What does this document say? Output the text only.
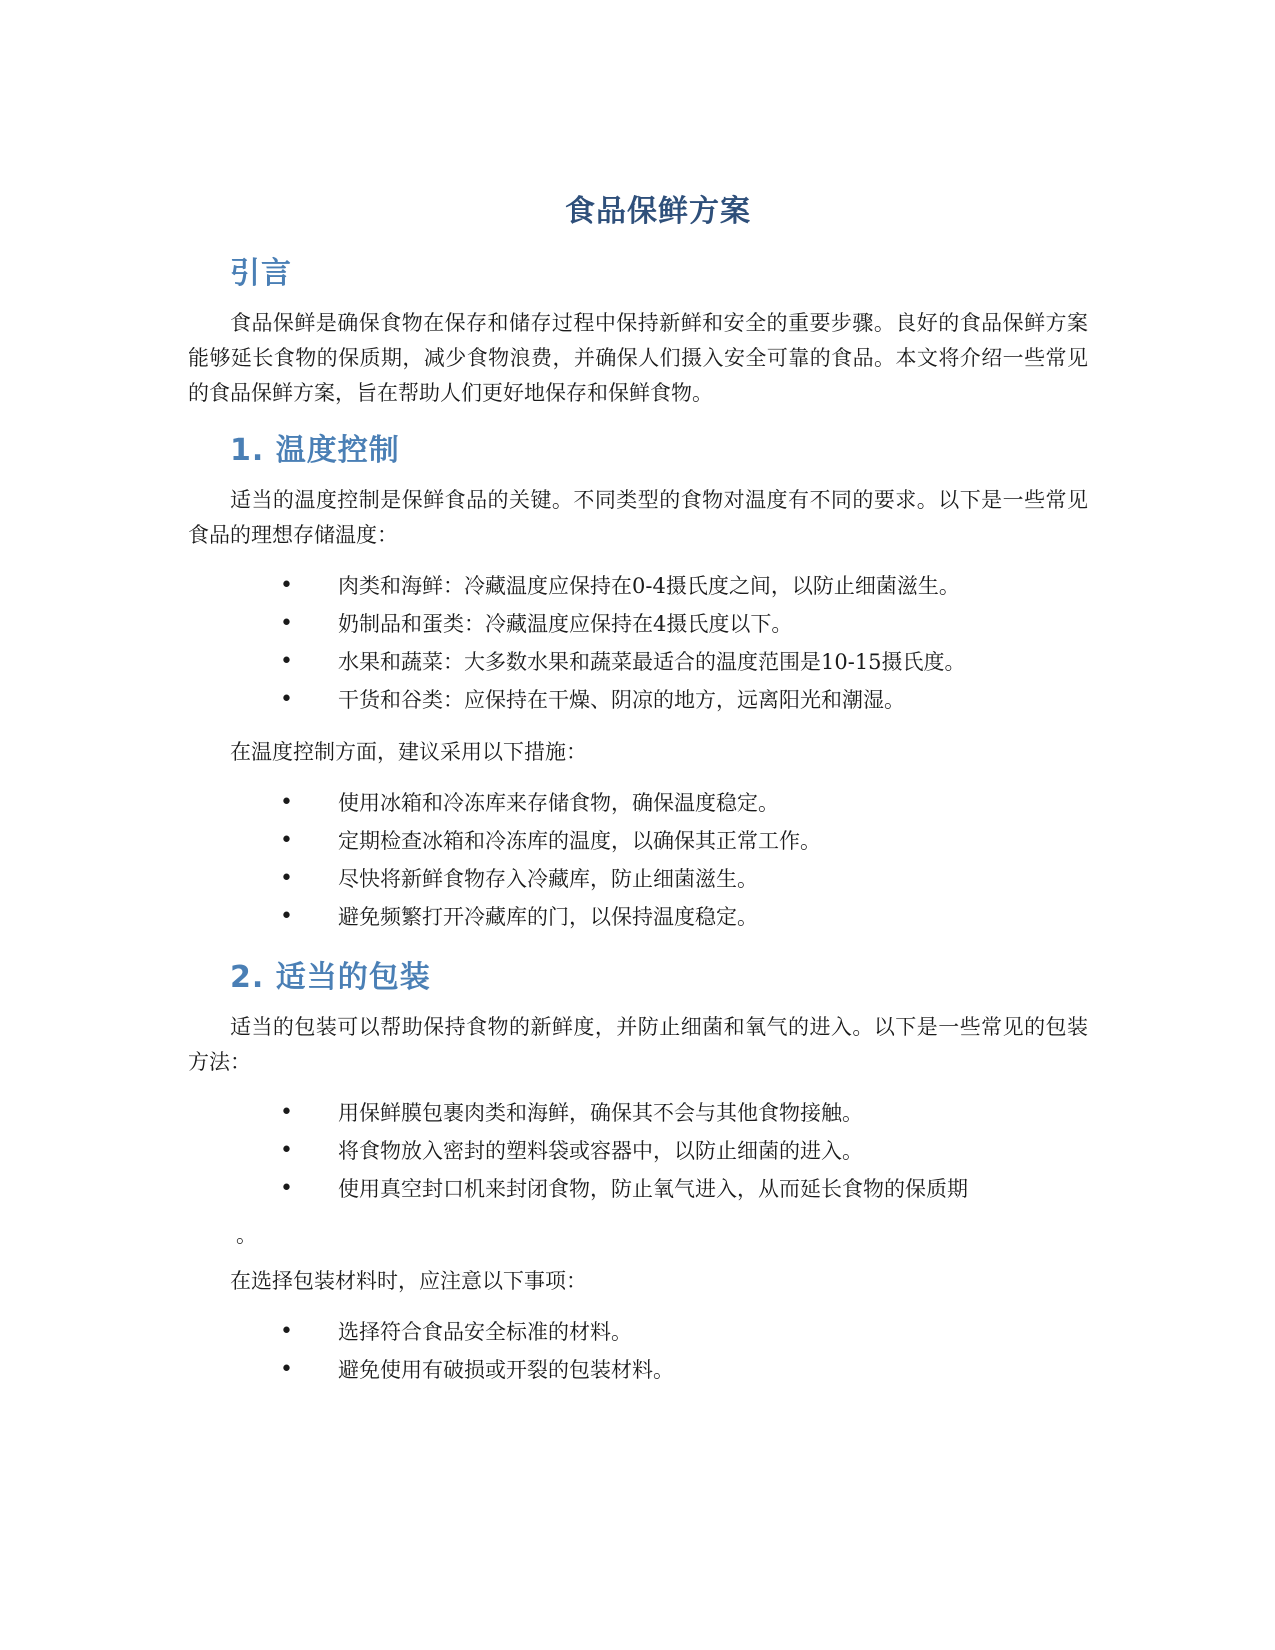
食品保鲜方案
引言

食品保鲜是确保食物在保存和储存过程中保持新鲜和安全的重要步骤。良好的食品保鲜方案能够延长食物的保质期，减少食物浪费，并确保人们摄入安全可靠的食品。本文将介绍一些常见的食品保鲜方案，旨在帮助人们更好地保存和保鲜食物。

1. 温度控制

适当的温度控制是保鲜食品的关键。不同类型的食物对温度有不同的要求。以下是一些常见食品的理想存储温度：

• 肉类和海鲜：冷藏温度应保持在0-4摄氏度之间，以防止细菌滋生。
• 奶制品和蛋类：冷藏温度应保持在4摄氏度以下。
• 水果和蔬菜：大多数水果和蔬菜最适合的温度范围是10-15摄氏度。
• 干货和谷类：应保持在干燥、阴凉的地方，远离阳光和潮湿。

在温度控制方面，建议采用以下措施：

• 使用冰箱和冷冻库来存储食物，确保温度稳定。
• 定期检查冰箱和冷冻库的温度，以确保其正常工作。
• 尽快将新鲜食物存入冷藏库，防止细菌滋生。
• 避免频繁打开冷藏库的门，以保持温度稳定。
2. 适当的包装

适当的包装可以帮助保持食物的新鲜度，并防止细菌和氧气的进入。以下是一些常见的包装方法：

• 用保鲜膜包裹肉类和海鲜，确保其不会与其他食物接触。
• 将食物放入密封的塑料袋或容器中，以防止细菌的进入。
• 使用真空封口机来封闭食物，防止氧气进入，从而延长食物的保质期
。

在选择包装材料时，应注意以下事项：

• 选择符合食品安全标准的材料。
• 避免使用有破损或开裂的包装材料。
